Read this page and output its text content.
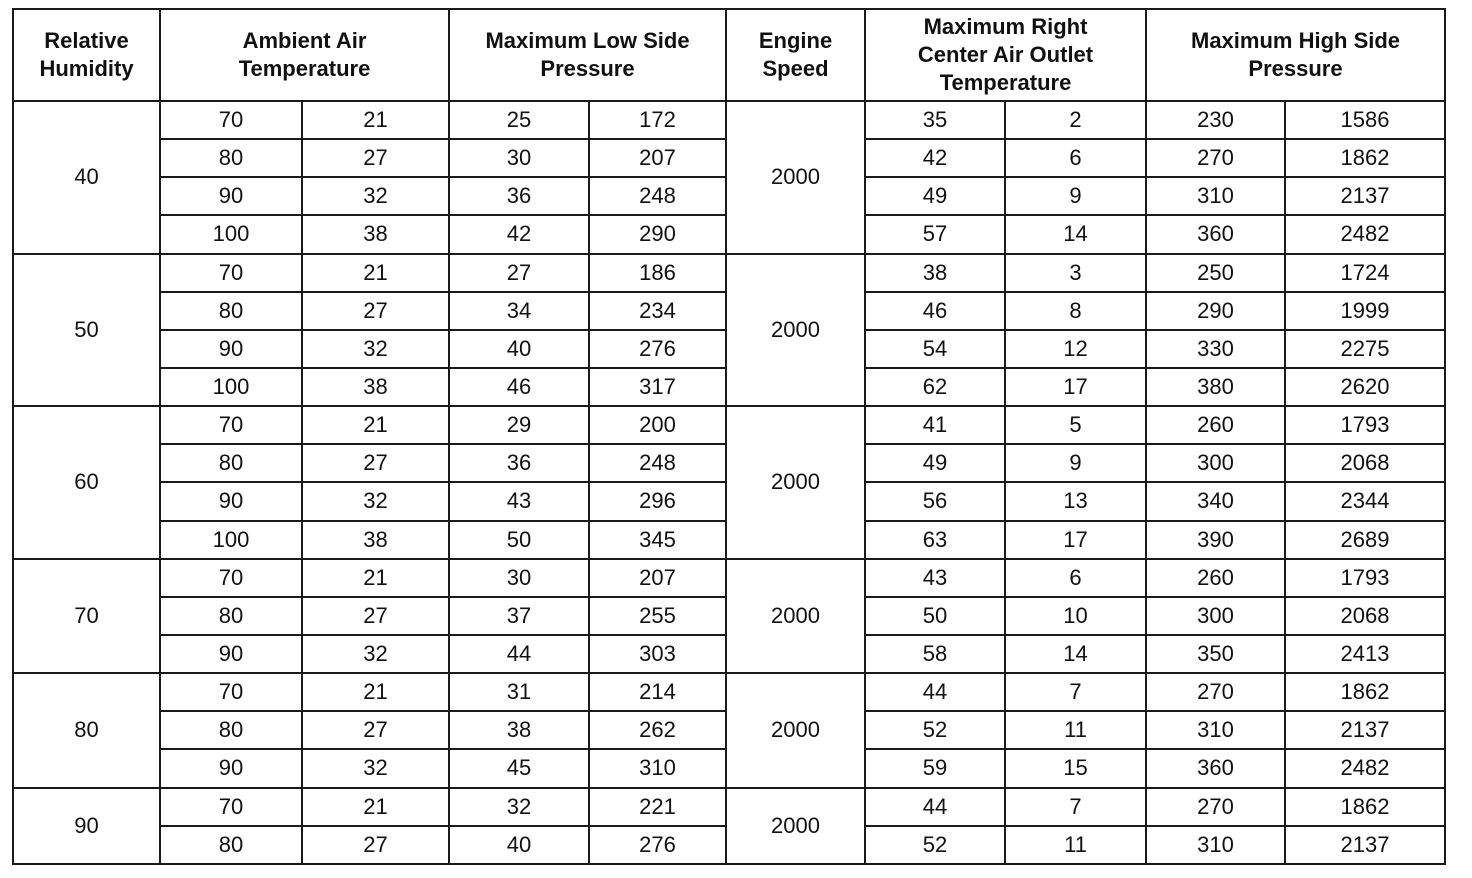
Relative
Humidity	Ambient Air
Temperature		Maximum Low Side
Pressure		Engine
Speed	Maximum Right
Center Air Outlet
Temperature		Maximum High Side
Pressure	
40	70	21	25	172	2000	35	2	230	1586
	80	27	30	207		42	6	270	1862
	90	32	36	248		49	9	310	2137
	100	38	42	290		57	14	360	2482
50	70	21	27	186	2000	38	3	250	1724
	80	27	34	234		46	8	290	1999
	90	32	40	276		54	12	330	2275
	100	38	46	317		62	17	380	2620
60	70	21	29	200	2000	41	5	260	1793
	80	27	36	248		49	9	300	2068
	90	32	43	296		56	13	340	2344
	100	38	50	345		63	17	390	2689
70	70	21	30	207	2000	43	6	260	1793
	80	27	37	255		50	10	300	2068
	90	32	44	303		58	14	350	2413
80	70	21	31	214	2000	44	7	270	1862
	80	27	38	262		52	11	310	2137
	90	32	45	310		59	15	360	2482
90	70	21	32	221	2000	44	7	270	1862
	80	27	40	276		52	11	310	2137
